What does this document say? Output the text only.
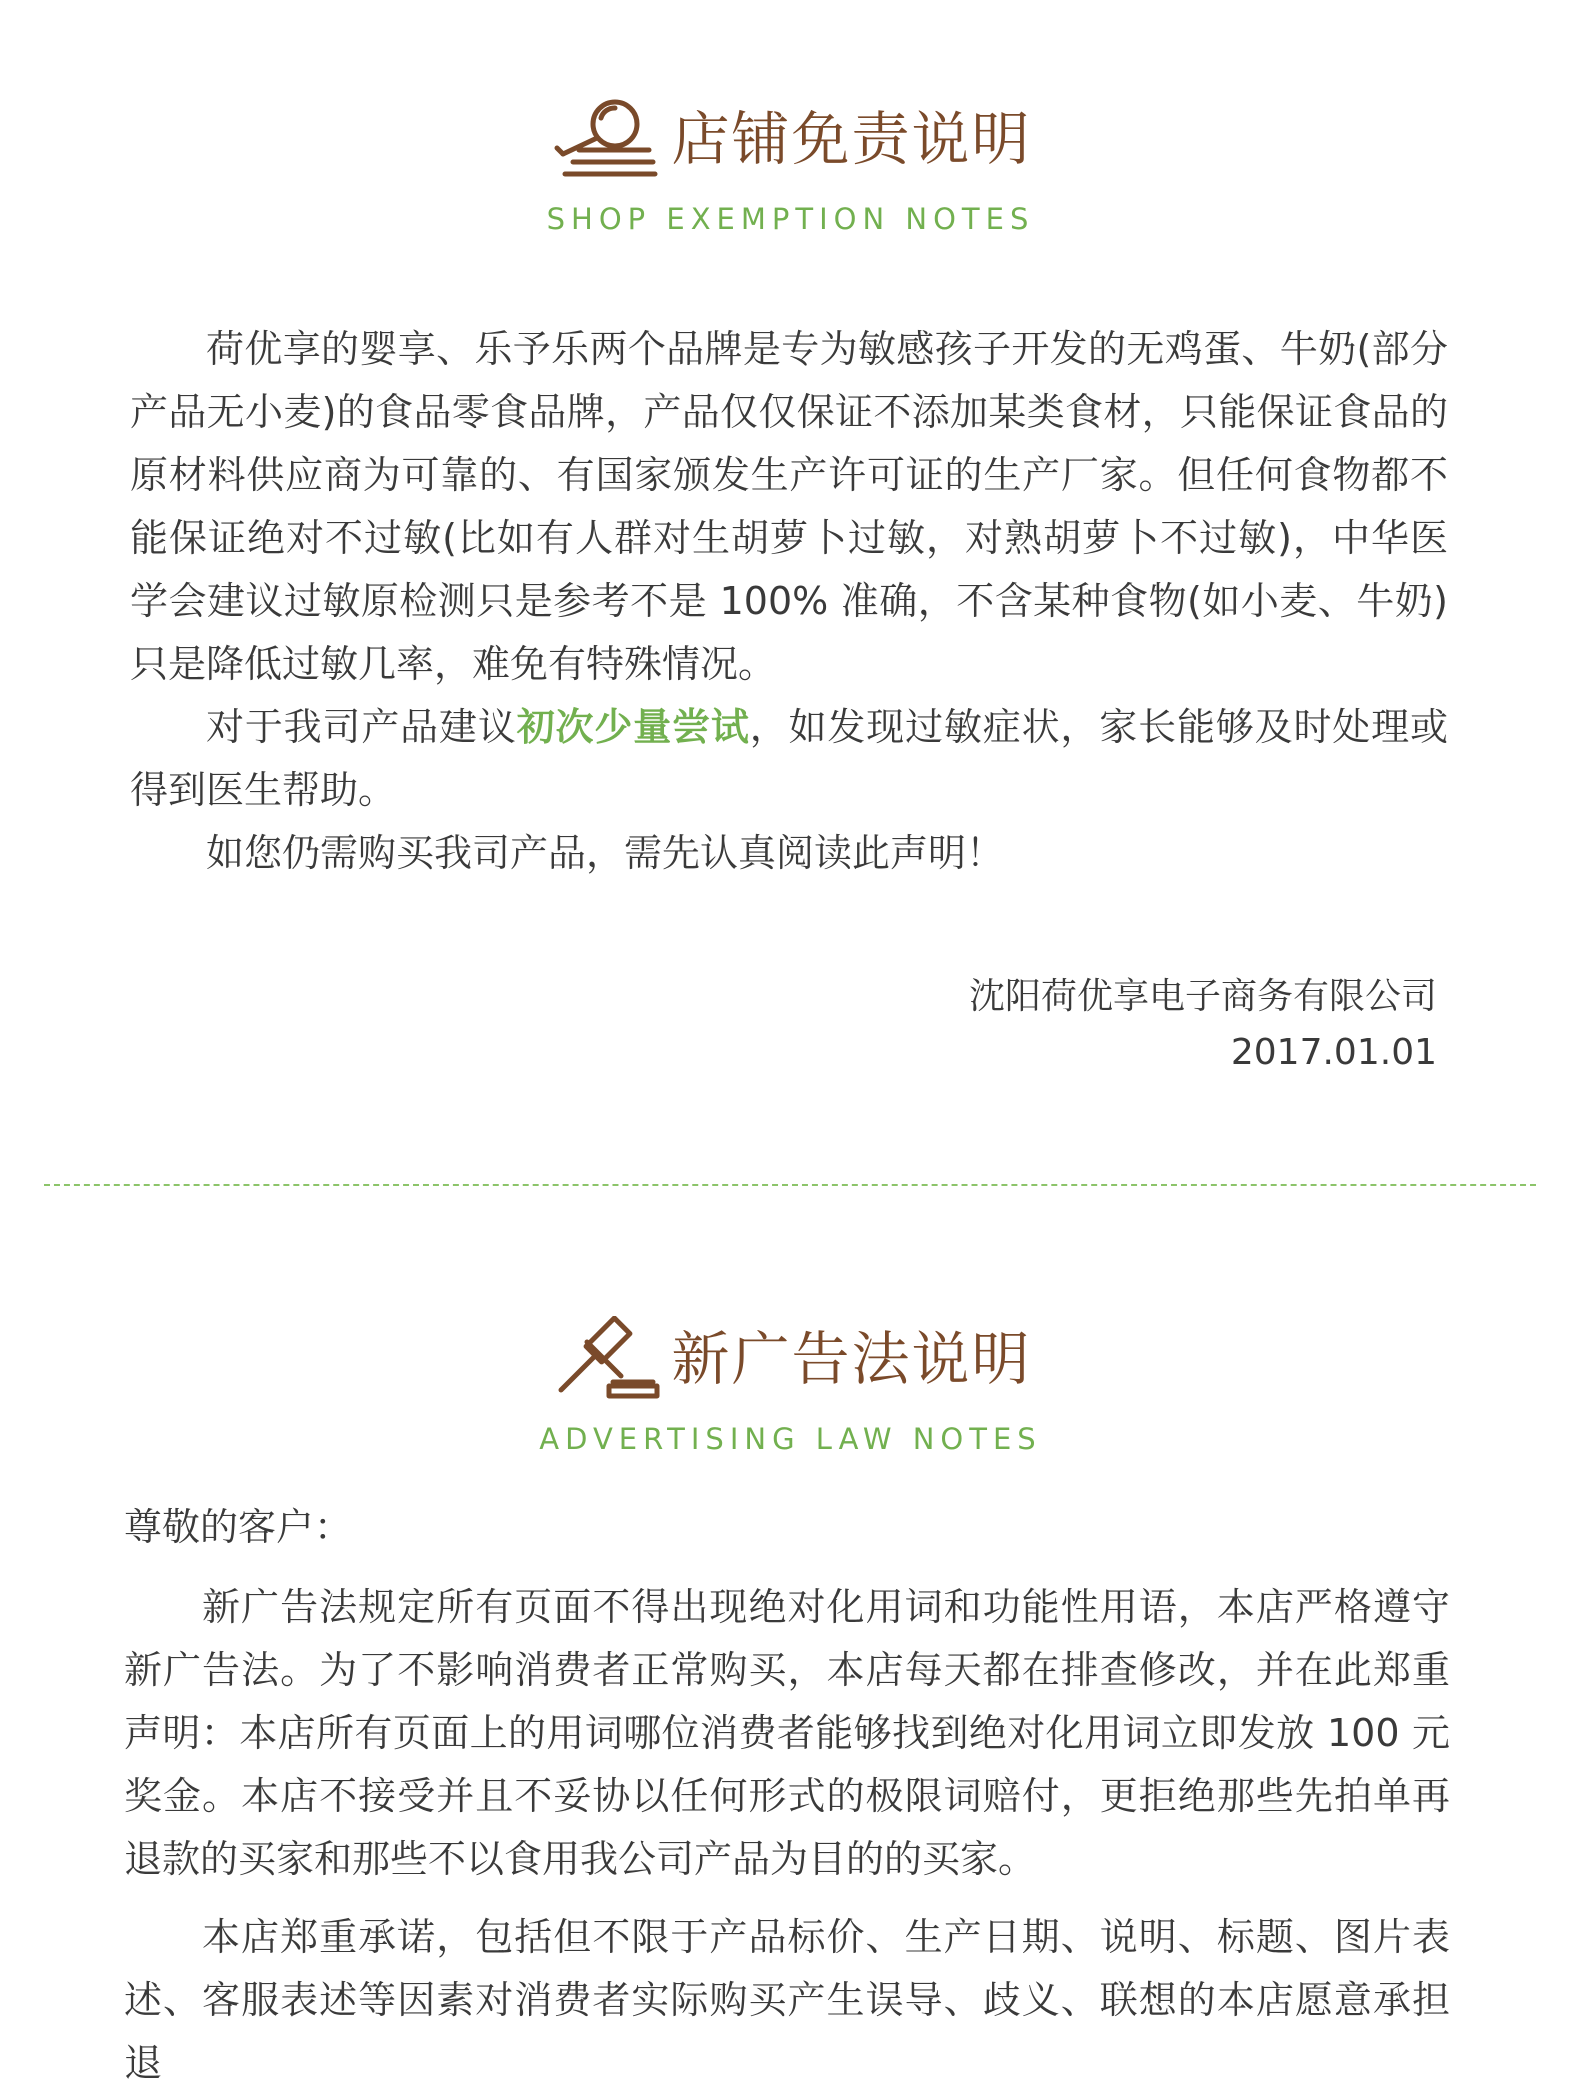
店铺免责说明
SHOP EXEMPTION NOTES

荷优享的婴享、乐予乐两个品牌是专为敏感孩子开发的无鸡蛋、牛奶(部分产品无小麦)的食品零食品牌，产品仅仅保证不添加某类食材，只能保证食品的原材料供应商为可靠的、有国家颁发生产许可证的生产厂家。但任何食物都不能保证绝对不过敏(比如有人群对生胡萝卜过敏，对熟胡萝卜不过敏)，中华医学会建议过敏原检测只是参考不是 100% 准确，不含某种食物(如小麦、牛奶)只是降低过敏几率，难免有特殊情况。

对于我司产品建议初次少量尝试，如发现过敏症状，家长能够及时处理或得到医生帮助。

如您仍需购买我司产品，需先认真阅读此声明！

沈阳荷优享电子商务有限公司
2017.01.01
新广告法说明
ADVERTISING LAW NOTES

尊敬的客户：

新广告法规定所有页面不得出现绝对化用词和功能性用语，本店严格遵守新广告法。为了不影响消费者正常购买，本店每天都在排查修改，并在此郑重声明：本店所有页面上的用词哪位消费者能够找到绝对化用词立即发放 100 元奖金。本店不接受并且不妥协以任何形式的极限词赔付，更拒绝那些先拍单再退款的买家和那些不以食用我公司产品为目的的买家。

本店郑重承诺，包括但不限于产品标价、生产日期、说明、标题、图片表述、客服表述等因素对消费者实际购买产生误导、歧义、联想的本店愿意承担退
